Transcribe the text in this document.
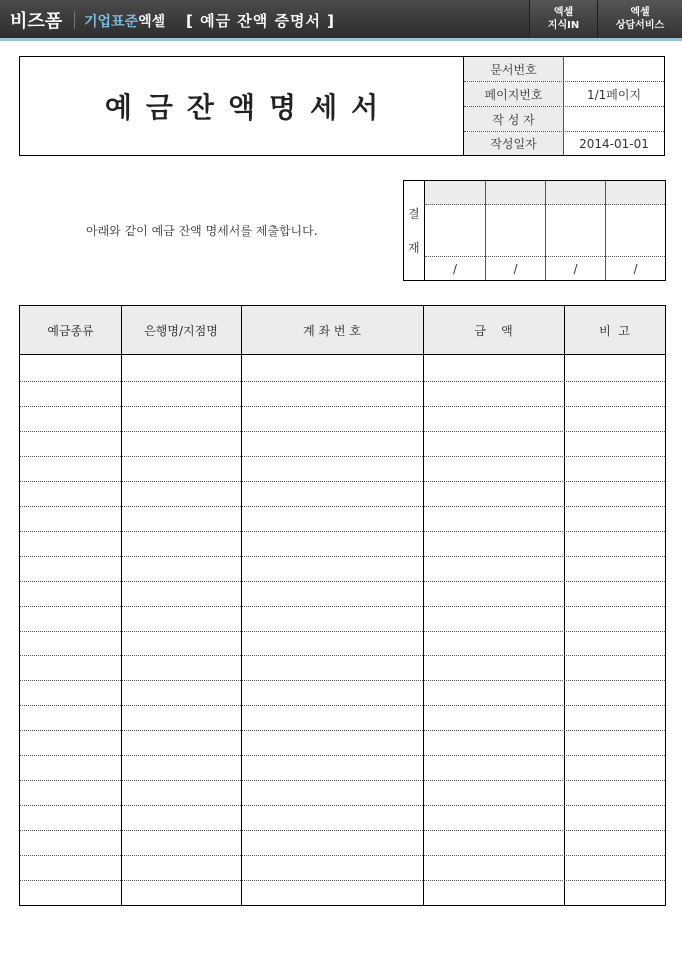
비즈폼 기업표준엑셀 [ 예금 잔액 증명서 ]	엑셀
지식IN
엑셀
상담서비스
예금잔액명세서
문서번호
페이지번호	1/1페이지
작 성 자
작성일자	2014-01-01
아래와 같이 예금 잔액 명세서를 제출합니다.
결
재
/	/	/	/
예금종류	은행명/지점명	계 좌 번 호	금    액	비  고
